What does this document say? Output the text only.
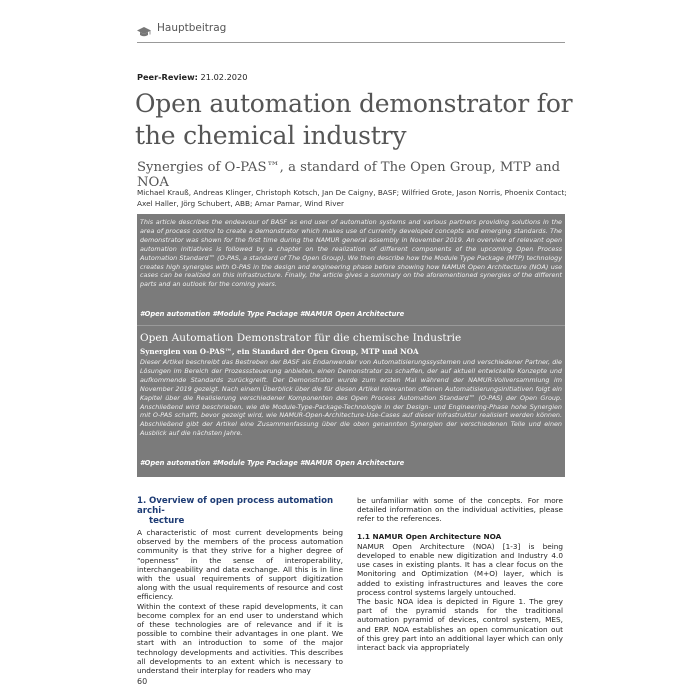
Hauptbeitrag
Peer-Review: 21.02.2020
Open automation demonstrator for the chemical industry
Synergies of O-PAS™, a standard of The Open Group, MTP and NOA
Michael Krauß, Andreas Klinger, Christoph Kotsch, Jan De Caigny, BASF; Wilfried Grote, Jason Norris, Phoenix Contact; Axel Haller, Jörg Schubert, ABB; Amar Pamar, Wind River
This article describes the endeavour of BASF as end user of automation systems and various partners providing solutions in the area of process control to create a demonstrator which makes use of currently developed concepts and emerging standards. The demonstrator was shown for the first time during the NAMUR general assembly in November 2019. An overview of relevant open automation initiatives is followed by a chapter on the realization of different components of the upcoming Open Process Automation Standard™ (O-PAS, a standard of The Open Group). We then describe how the Module Type Package (MTP) technology creates high synergies with O-PAS in the design and engineering phase before showing how NAMUR Open Architecture (NOA) use cases can be realized on this infrastructure. Finally, the article gives a summary on the aforementioned synergies of the different parts and an outlook for the coming years.
#Open automation #Module Type Package #NAMUR Open Architecture
Open Automation Demonstrator für die chemische Industrie
Synergien von O-PAS™, ein Standard der Open Group, MTP und NOA
Dieser Artikel beschreibt das Bestreben der BASF als Endanwender von Automatisierungssystemen und verschiedener Partner, die Lösungen im Bereich der Prozesssteuerung anbieten, einen Demonstrator zu schaffen, der auf aktuell entwickelte Konzepte und aufkommende Standards zurückgreift. Der Demonstrator wurde zum ersten Mal während der NAMUR-Vollversammlung im November 2019 gezeigt. Nach einem Überblick über die für diesen Artikel relevanten offenen Automatisierungsinitiativen folgt ein Kapitel über die Realisierung verschiedener Komponenten des Open Process Automation Standard™ (O-PAS) der Open Group. Anschließend wird beschrieben, wie die Module-Type-Package-Technologie in der Design- und Engineering-Phase hohe Synergien mit O-PAS schafft, bevor gezeigt wird, wie NAMUR-Open-Architecture-Use-Cases auf dieser Infrastruktur realisiert werden können. Abschließend gibt der Artikel eine Zusammenfassung über die oben genannten Synergien der verschiedenen Teile und einen Ausblick auf die nächsten Jahre.
#Open automation #Module Type Package #NAMUR Open Architecture
1. Overview of open process automation archi-
tecture

A characteristic of most current developments being observed by the members of the process automation community is that they strive for a higher degree of “openness” in the sense of interoperability, interchangeability and data exchange. All this is in line with the usual requirements of support digitization along with the usual requirements of resource and cost efficiency.

Within the context of these rapid developments, it can become complex for an end user to understand which of these technologies are of relevance and if it is possible to combine their advantages in one plant. We start with an introduction to some of the major technology developments and activities. This describes all developments to an extent which is necessary to understand their interplay for readers who may

be unfamiliar with some of the concepts. For more detailed information on the individual activities, please refer to the references.

1.1 NAMUR Open Architecture NOA

NAMUR Open Architecture (NOA) [1-3] is being developed to enable new digitization and Industry 4.0 use cases in existing plants. It has a clear focus on the Monitoring and Optimization (M+O) layer, which is added to existing infrastructures and leaves the core process control systems largely untouched.

The basic NOA idea is depicted in Figure 1. The grey part of the pyramid stands for the traditional automation pyramid of devices, control system, MES, and ERP. NOA establishes an open communication out of this grey part into an additional layer which can only interact back via appropriately

60
